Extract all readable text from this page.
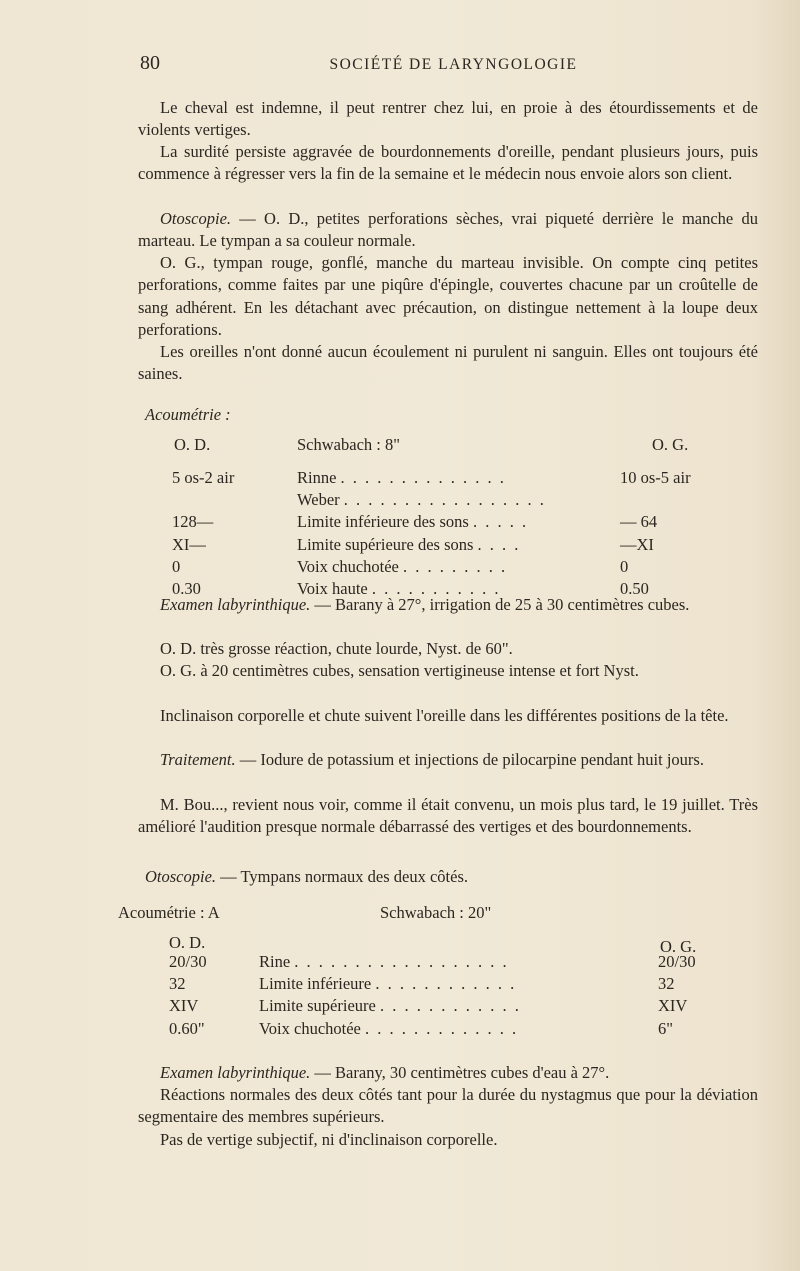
80	SOCIÉTÉ DE LARYNGOLOGIE

Le cheval est indemne, il peut rentrer chez lui, en proie à des étourdissements et de violents vertiges.

La surdité persiste aggravée de bourdonnements d'oreille, pendant plusieurs jours, puis commence à régresser vers la fin de la semaine et le médecin nous envoie alors son client.

Otoscopie. — O. D., petites perforations sèches, vrai piqueté derrière le manche du marteau. Le tympan a sa couleur normale.

O. G., tympan rouge, gonflé, manche du marteau invisible. On compte cinq petites perforations, comme faites par une piqûre d'épingle, couvertes chacune par un croûtelle de sang adhérent. En les détachant avec précaution, on distingue nettement à la loupe deux perforations.

Les oreilles n'ont donné aucun écoulement ni purulent ni sanguin. Elles ont toujours été saines.

Acoumétrie :
O. D.	Schwabach : 8"	O. G.
5 os-2 air	Rinne . . . . . . . . . . . . . .	10 os-5 air
Weber . . . . . . . . . . . . . . . . .
128—	Limite inférieure des sons . . . . .	— 64
XI—	Limite supérieure des sons . . . .	—XI
0	Voix chuchotée . . . . . . . . .	0
0.30	Voix haute . . . . . . . . . . .	0.50

Examen labyrinthique. — Barany à 27°, irrigation de 25 à 30 centimètres cubes.

O. D. très grosse réaction, chute lourde, Nyst. de 60".

O. G. à 20 centimètres cubes, sensation vertigineuse intense et fort Nyst.

Inclinaison corporelle et chute suivent l'oreille dans les différentes positions de la tête.

Traitement. — Iodure de potassium et injections de pilocarpine pendant huit jours.

M. Bou..., revient nous voir, comme il était convenu, un mois plus tard, le 19 juillet. Très amélioré l'audition presque normale débarrassé des vertiges et des bourdonnements.

Otoscopie. — Tympans normaux des deux côtés.
Acoumétrie : A	Schwabach : 20"
O. D.	O. G.
20/30	Rine . . . . . . . . . . . . . . . . . .	20/30
32	Limite inférieure . . . . . . . . . . . .	32
XIV	Limite supérieure . . . . . . . . . . . .	XIV
0.60"	Voix chuchotée . . . . . . . . . . . . .	6"

Examen labyrinthique. — Barany, 30 centimètres cubes d'eau à 27°.

Réactions normales des deux côtés tant pour la durée du nystagmus que pour la déviation segmentaire des membres supérieurs.

Pas de vertige subjectif, ni d'inclinaison corporelle.
